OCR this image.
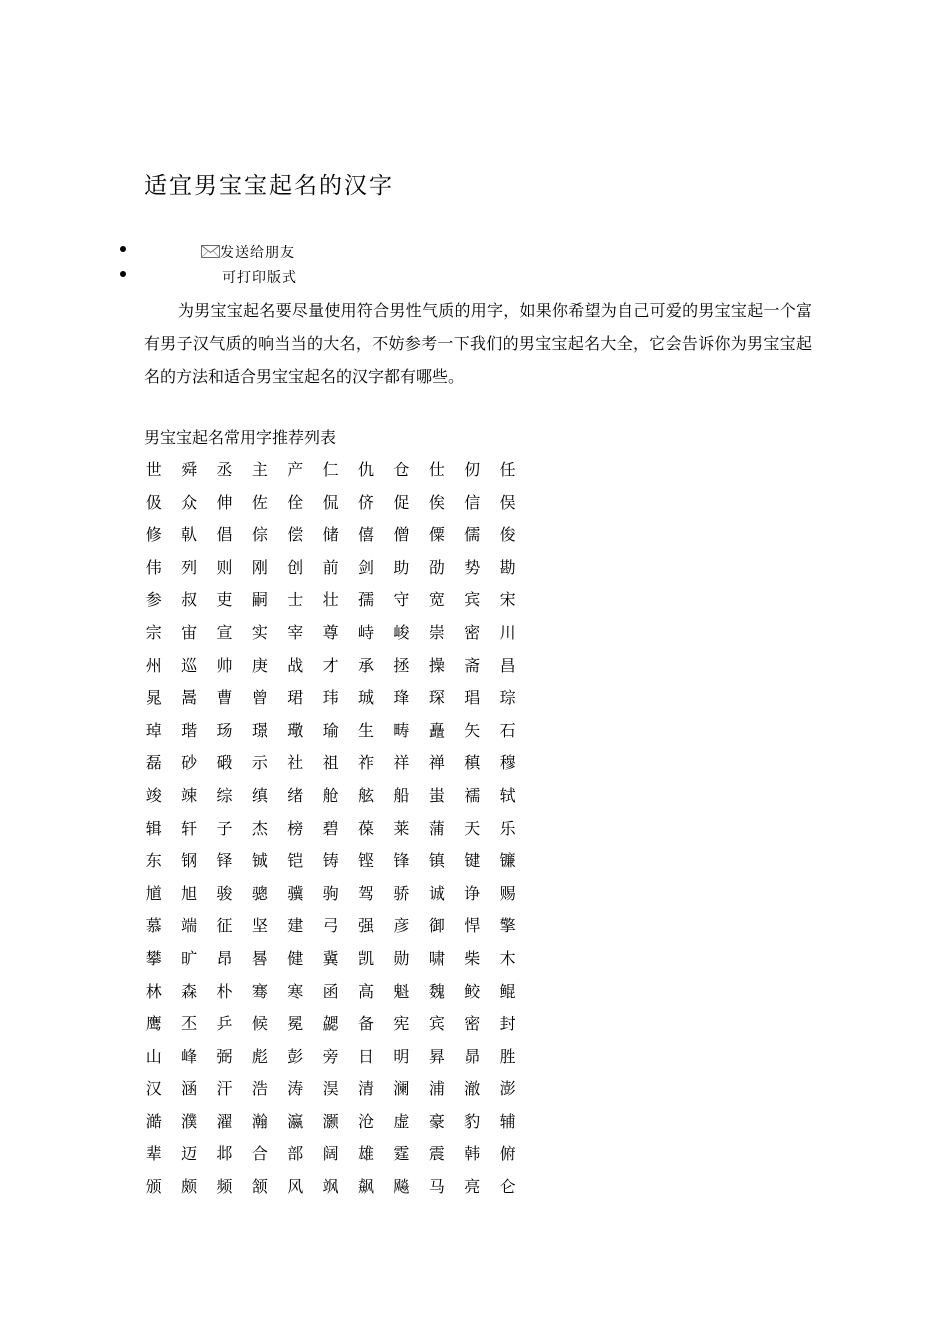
适宜男宝宝起名的汉字
发送给朋友
可打印版式

为男宝宝起名要尽量使用符合男性气质的用字，如果你希望为自己可爱的男宝宝起一个富有男子汉气质的响当当的大名，不妨参考一下我们的男宝宝起名大全，它会告诉你为男宝宝起名的方法和适合男宝宝起名的汉字都有哪些。

男宝宝起名常用字推荐列表

世	舜	丞	主	产	仁	仇	仓	仕	仞	任
伋	众	伸	佐	佺	侃	侪	促	俟	信	俣
修	倝	倡	倧	偿	储	僖	僧	僳	儒	俊
伟	列	则	刚	创	前	剑	助	劭	势	勘
参	叔	吏	嗣	士	壮	孺	守	宽	宾	宋
宗	宙	宣	实	宰	尊	峙	峻	崇	密	川
州	巡	帅	庚	战	才	承	拯	操	斋	昌
晁	暠	曹	曾	珺	玮	珹	琒	琛	琩	琮
琸	瑎	玚	璟	璥	瑜	生	畴	矗	矢	石
磊	砂	碫	示	社	祖	祚	祥	禅	稹	穆
竣	竦	综	缜	绪	舱	舷	船	蚩	襦	轼
辑	轩	子	杰	榜	碧	葆	莱	蒲	天	乐
东	钢	铎	铖	铠	铸	铿	锋	镇	键	镰
馗	旭	骏	骢	骥	驹	驾	骄	诚	诤	赐
慕	端	征	坚	建	弓	强	彦	御	悍	擎
攀	旷	昂	晷	健	冀	凯	勋	啸	柴	木
林	森	朴	骞	寒	函	高	魁	魏	鲛	鲲
鹰	丕	乒	候	冕	勰	备	宪	宾	密	封
山	峰	弼	彪	彭	旁	日	明	昪	昴	胜
汉	涵	汗	浩	涛	淏	清	澜	浦	澈	澎
澔	濮	濯	瀚	瀛	灏	沧	虚	豪	豹	辅
辈	迈	邶	合	部	阔	雄	霆	震	韩	俯
颁	颇	频	颔	风	飒	飙	飚	马	亮	仑
